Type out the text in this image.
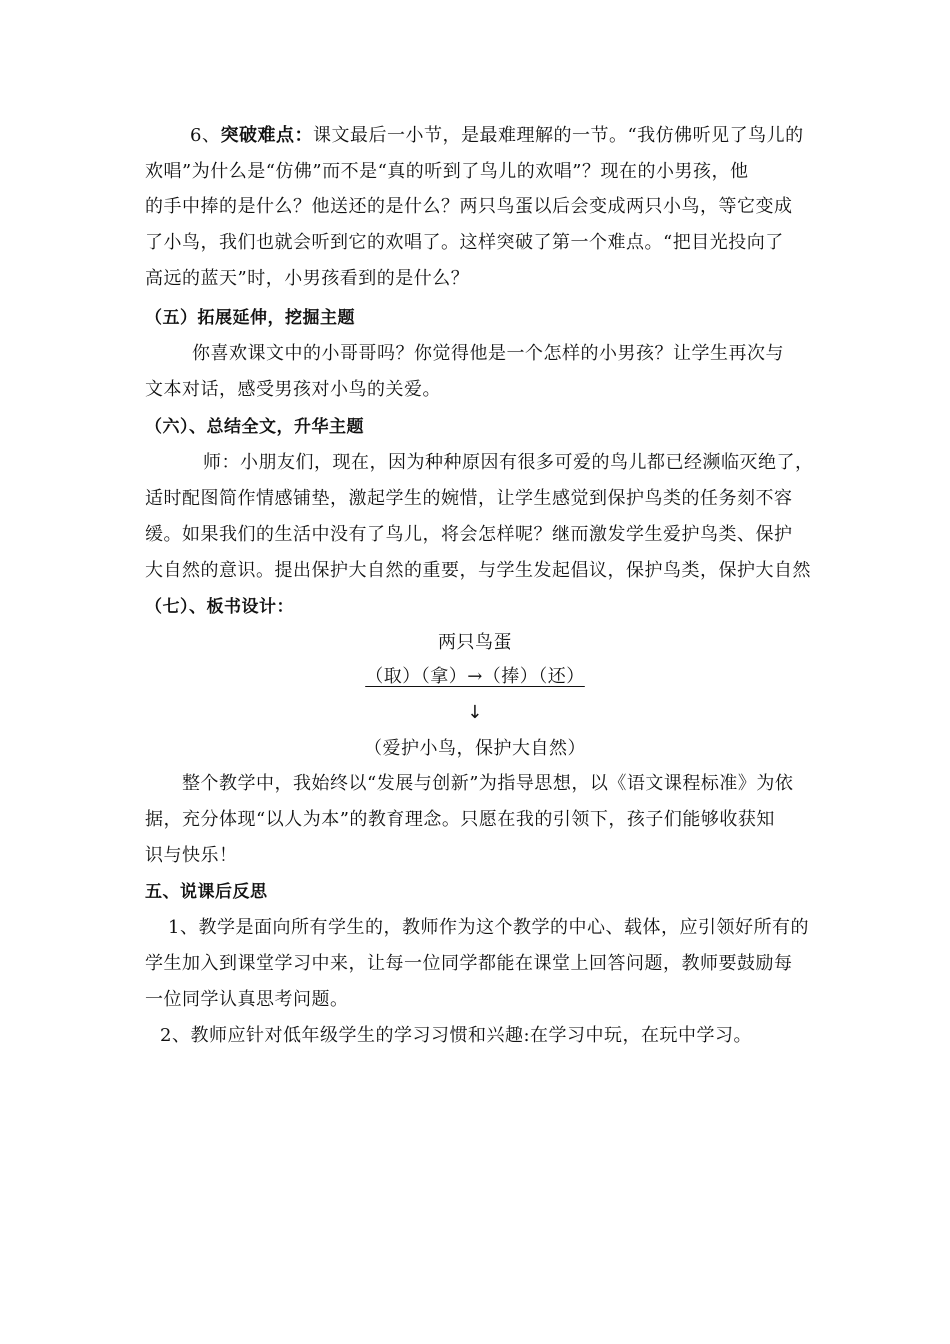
6、突破难点：课文最后一小节，是最难理解的一节。“我仿佛听见了鸟儿的
欢唱”为什么是“仿佛”而不是“真的听到了鸟儿的欢唱”？现在的小男孩，他
的手中捧的是什么？他送还的是什么？两只鸟蛋以后会变成两只小鸟，等它变成
了小鸟，我们也就会听到它的欢唱了。这样突破了第一个难点。“把目光投向了
高远的蓝天”时，小男孩看到的是什么？
（五）拓展延伸，挖掘主题
你喜欢课文中的小哥哥吗？你觉得他是一个怎样的小男孩？让学生再次与
文本对话，感受男孩对小鸟的关爱。
（六）、总结全文，升华主题
师：小朋友们，现在，因为种种原因有很多可爱的鸟儿都已经濒临灭绝了，
适时配图简作情感铺垫，激起学生的婉惜，让学生感觉到保护鸟类的任务刻不容
缓。如果我们的生活中没有了鸟儿，将会怎样呢？继而激发学生爱护鸟类、保护
大自然的意识。提出保护大自然的重要，与学生发起倡议，保护鸟类，保护大自然
（七）、板书设计：
两只鸟蛋
（取）（拿）→（捧）（还）
↓
（爱护小鸟，保护大自然）
整个教学中，我始终以“发展与创新”为指导思想，以《语文课程标准》为依
据，充分体现“以人为本”的教育理念。只愿在我的引领下，孩子们能够收获知
识与快乐！
五、说课后反思
1、教学是面向所有学生的，教师作为这个教学的中心、载体，应引领好所有的
学生加入到课堂学习中来，让每一位同学都能在课堂上回答问题，教师要鼓励每
一位同学认真思考问题。
2、教师应针对低年级学生的学习习惯和兴趣:在学习中玩，在玩中学习。
